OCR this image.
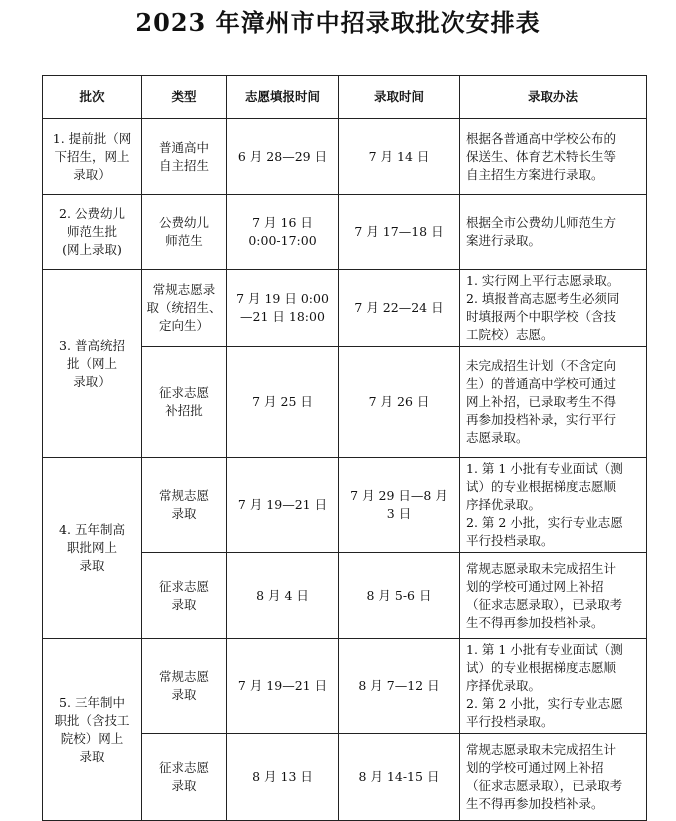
2023 年漳州市中招录取批次安排表
批次	类型	志愿填报时间	录取时间	录取办法
1. 提前批（网
下招生，网上
录取）	普通高中
自主招生	6 月 28—29 日	7 月 14 日	根据各普通高中学校公布的
保送生、体育艺术特长生等
自主招生方案进行录取。
2. 公费幼儿
师范生批
(网上录取)	公费幼儿
师范生	7 月 16 日
0:00-17:00	7 月 17—18 日	根据全市公费幼儿师范生方
案进行录取。
3. 普高统招
批（网上
录取）	常规志愿录
取（统招生、
定向生）	7 月 19 日 0:00
—21 日 18:00	7 月 22—24 日	1. 实行网上平行志愿录取。
2. 填报普高志愿考生必须同
时填报两个中职学校（含技
工院校）志愿。
	征求志愿
补招批	7 月 25 日	7 月 26 日	未完成招生计划（不含定向
生）的普通高中学校可通过
网上补招，已录取考生不得
再参加投档补录，实行平行
志愿录取。
4. 五年制高
职批网上
录取	常规志愿
录取	7 月 19—21 日	7 月 29 日—8 月
3 日	1. 第 1 小批有专业面试（测
试）的专业根据梯度志愿顺
序择优录取。
2. 第 2 小批，实行专业志愿
平行投档录取。
	征求志愿
录取	8 月 4 日	8 月 5-6 日	常规志愿录取未完成招生计
划的学校可通过网上补招
（征求志愿录取），已录取考
生不得再参加投档补录。
5. 三年制中
职批（含技工
院校）网上
录取	常规志愿
录取	7 月 19—21 日	8 月 7—12 日	1. 第 1 小批有专业面试（测
试）的专业根据梯度志愿顺
序择优录取。
2. 第 2 小批，实行专业志愿
平行投档录取。
	征求志愿
录取	8 月 13 日	8 月 14-15 日	常规志愿录取未完成招生计
划的学校可通过网上补招
（征求志愿录取），已录取考
生不得再参加投档补录。
